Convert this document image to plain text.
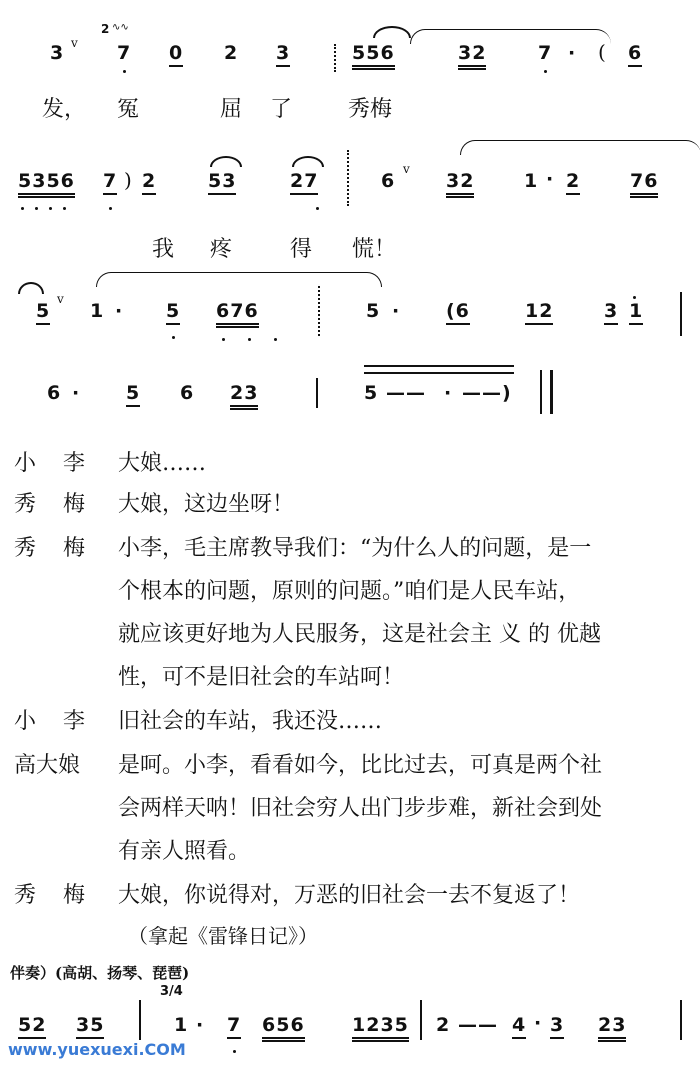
3 v
2 ∿∿
7 0 2 3	556	32	7 · ( 6
发， 冤	屈 了	秀梅
5356 7 ) 2	53	27	6
v
32	1 · 2	76
我 疼	得 慌！
5
v
1 · 5 676	5 · (6	12	3 1
6 · 5 6 23	5 —— · ——)
小 李 大娘……
秀 梅 大娘，这边坐呀！
秀 梅 小李，毛主席教导我们：“为什么人的问题，是一
个根本的问题，原则的问题。”咱们是人民车站，
就应该更好地为人民服务，这是社会主 义 的 优越
性，可不是旧社会的车站呵！
小 李 旧社会的车站，我还没……
高大娘 是呵。小李，看看如今，比比过去，可真是两个社
会两样天呐！旧社会穷人出门步步难，新社会到处
有亲人照看。
秀 梅 大娘，你说得对，万恶的旧社会一去不复返了！
（拿起《雷锋日记》）
伴奏）(高胡、扬琴、琵琶)
3/4
52 35	1 · 7 656 1235 2 —— 4 · 3 23
www.yuexuexi.COM
